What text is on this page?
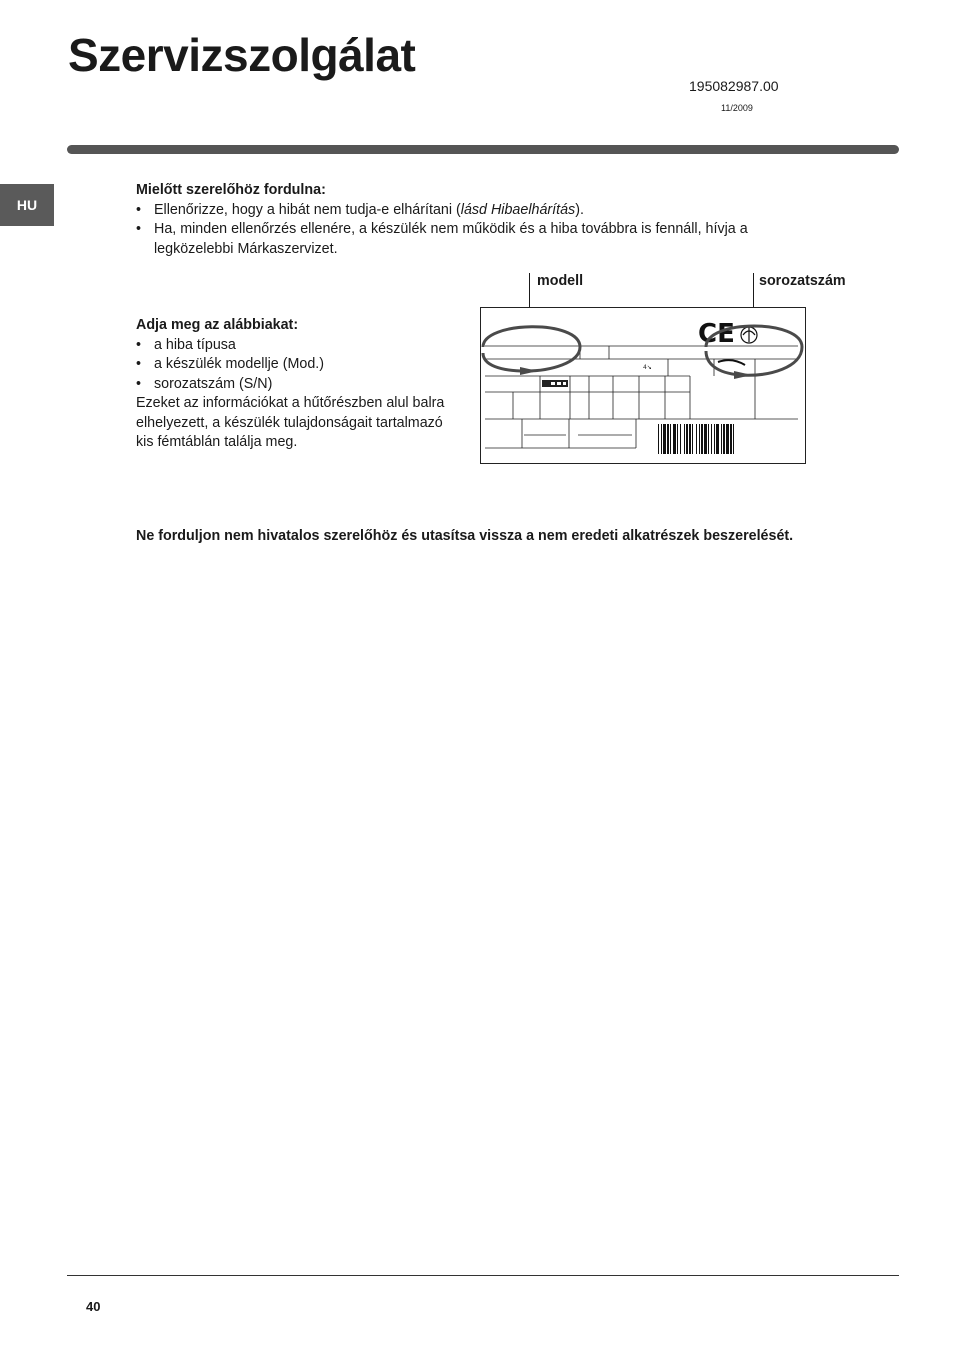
Szervizszolgálat
195082987.00
11/2009
HU
Mielőtt szerelőhöz fordulna:
• Ellenőrizze, hogy a hibát nem tudja-e elhárítani (lásd Hibaelhárítás).
• Ha, minden ellenőrzés ellenére, a készülék nem működik és a hiba továbbra is fennáll, hívja a legközelebbi Márkaszervizet.
Adja meg az alábbiakat:
• a hiba típusa
• a készülék modellje (Mod.)
• sorozatszám (S/N)
Ezeket az információkat a hűtőrészben alul balra elhelyezett, a készülék tulajdonságait tartalmazó kis fémtáblán találja meg.
modell	sorozatszám
4↘
CE
Ne forduljon nem hivatalos szerelőhöz és utasítsa vissza a nem eredeti alkatrészek beszerelését.
40
